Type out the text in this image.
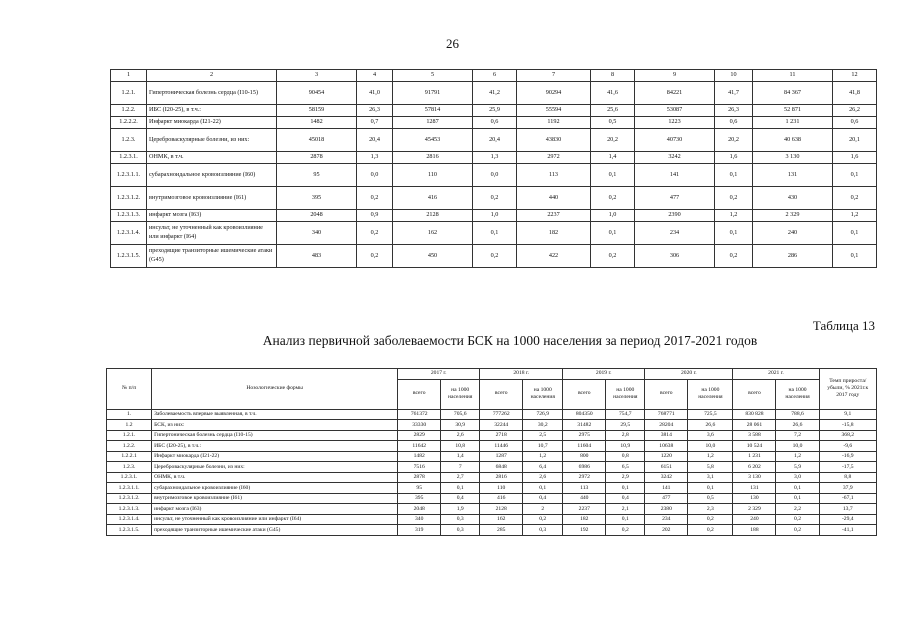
26
1	2	3	4	5	6	7	8	9	10	11	12
1.2.1.	Гипертоническая болезнь сердца (I10-15)	90454	41,0	91791	41,2	90294	41,6	84221	41,7	84 367	41,8
1.2.2.	ИБС (I20-25), в т.ч.:	58159	26,3	57814	25,9	55594	25,6	53087	26,3	52 871	26,2
1.2.2.2.	Инфаркт миокарда (I21-22)	1482	0,7	1287	0,6	1192	0,5	1223	0,6	1 231	0,6
1.2.3.	Цереброваскулярные болезни, из них:	45018	20,4	45453	20,4	43830	20,2	40730	20,2	40 638	20,1
1.2.3.1.	ОНМК, в т.ч.	2878	1,3	2816	1,3	2972	1,4	3242	1,6	3 130	1,6
1.2.3.1.1.	субарахноидальное кровоизлияние (I60)	95	0,0	110	0,0	113	0,1	141	0,1	131	0,1
1.2.3.1.2.	внутримозговое кровоизлияние (I61)	395	0,2	416	0,2	440	0,2	477	0,2	430	0,2
1.2.3.1.3.	инфаркт мозга (I63)	2048	0,9	2128	1,0	2237	1,0	2390	1,2	2 329	1,2
1.2.3.1.4.	инсульт, не уточненный как кровоизлияние или инфаркт (I64)	340	0,2	162	0,1	182	0,1	234	0,1	240	0,1
1.2.3.1.5.	преходящие транзиторные ишемические атаки (G45)	483	0,2	450	0,2	422	0,2	306	0,2	286	0,1
Таблица 13
Анализ первичной заболеваемости БСК на 1000 населения за период 2017-2021 годов
№ п/п	Нозологические формы	2017 г.		2018 г.		2019 г.		2020 г.		2021 г.		Темп прироста/ убыли, % 2021г.к 2017 году
		всего	на 1000 населения	всего	на 1000 населения	всего	на 1000 населения	всего	на 1000 населения	всего	на 1000 населения	
1.	Заболеваемость впервые выявленная, в т.ч.	761372	705,6	777262	726,9	804350	754,7	768771	725,5	830 828	788,6	9,1
1.2	БСК, из них:	33330	30,9	32244	30,2	31482	29,5	28204	26,6	28 061	26,6	-15,8
1.2.1.	Гипертоническая болезнь сердца (I10-15)	2829	2,6	2718	2,5	2975	2,8	3814	3,6	3 588	7,2	368,2
1.2.2.	ИБС (I20-25), в т.ч.:	11642	10,8	11446	10,7	11604	10,9	10638	10,0	10 524	10,0	-9,6
1.2.2.1	Инфаркт миокарда (I21-22)	1482	1,4	1287	1,2	800	0,8	1220	1,2	1 231	1,2	-16,9
1.2.3.	Цереброваскулярные болезни, из них:	7516	7	6848	6,4	6986	6,5	6151	5,8	6 202	5,9	-17,5
1.2.3.1.	ОНМК, в т.ч.	2878	2,7	2816	2,6	2972	2,9	3242	3,1	3 130	3,0	8,8
1.2.3.1.1.	субарахноидальное кровоизлияние (I60)	95	0,1	110	0,1	113	0,1	141	0,1	131	0,1	37,9
1.2.3.1.2.	внутримозговое кровоизлияние (I61)	395	0,4	416	0,4	440	0,4	477	0,5	130	0,1	-67,1
1.2.3.1.3.	инфаркт мозга (I63)	2048	1,9	2128	2	2237	2,1	2380	2,3	2 329	2,2	13,7
1.2.3.1.4.	инсульт, не уточненный как кровоизлияние или инфаркт (I64)	340	0,3	162	0,2	182	0,1	234	0,2	240	0,2	-29,4
1.2.3.1.5.	преходящие транзиторные ишемические атаки (G45)	319	0,3	285	0,3	192	0,2	202	0,2	188	0,2	-41,1
